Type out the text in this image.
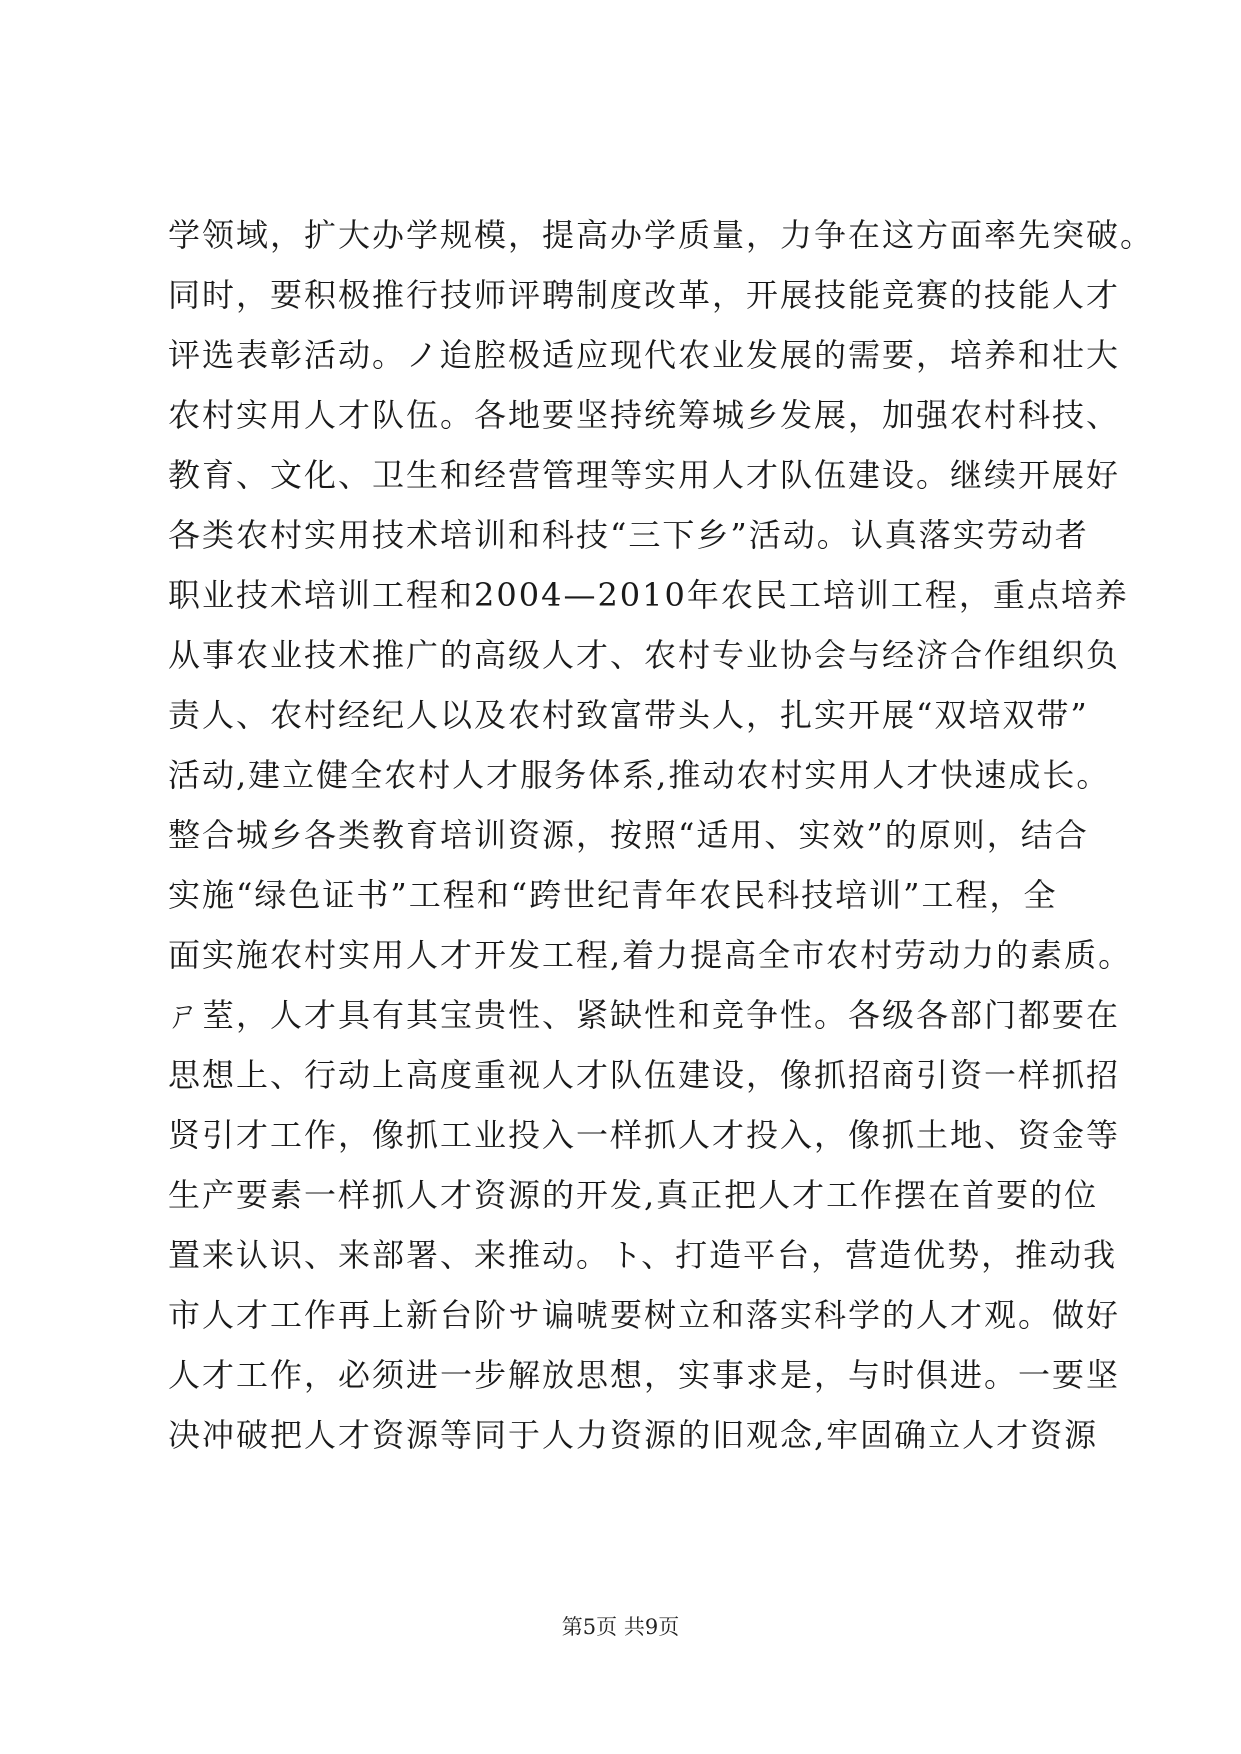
学领域，扩大办学规模，提高办学质量，力争在这方面率先突破。
同时，要积极推行技师评聘制度改革，开展技能竞赛的技能人才
评选表彰活动。ノ迨腔极适应现代农业发展的需要，培养和壮大
农村实用人才队伍。各地要坚持统筹城乡发展，加强农村科技、
教育、文化、卫生和经营管理等实用人才队伍建设。继续开展好
各类农村实用技术培训和科技“三下乡”活动。认真落实劳动者
职业技术培训工程和2004—2010年农民工培训工程，重点培养
从事农业技术推广的高级人才、农村专业协会与经济合作组织负
责人、农村经纪人以及农村致富带头人，扎实开展“双培双带”
活动,建立健全农村人才服务体系,推动农村实用人才快速成长。
整合城乡各类教育培训资源，按照“适用、实效”的原则，结合
实施“绿色证书”工程和“跨世纪青年农民科技培训”工程，全
面实施农村实用人才开发工程,着力提高全市农村劳动力的素质。
ㄕ荎，人才具有其宝贵性、紧缺性和竞争性。各级各部门都要在
思想上、行动上高度重视人才队伍建设，像抓招商引资一样抓招
贤引才工作，像抓工业投入一样抓人才投入，像抓土地、资金等
生产要素一样抓人才资源的开发,真正把人才工作摆在首要的位
置来认识、来部署、来推动。ト、打造平台，营造优势，推动我
市人才工作再上新台阶サ谝唬要树立和落实科学的人才观。做好
人才工作，必须进一步解放思想，实事求是，与时俱进。一要坚
决冲破把人才资源等同于人力资源的旧观念,牢固确立人才资源
第5页 共9页
